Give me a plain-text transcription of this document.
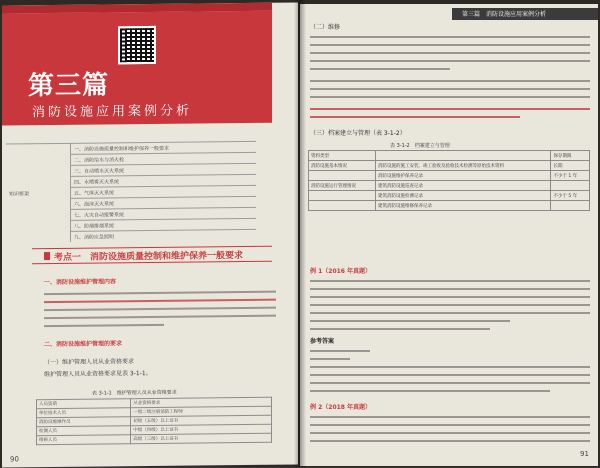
第三篇
消防设施应用案例分析
知识框架	一、消防设施质量控制和维护保养一般要求
二、消防给水与消火栓
三、自动喷水灭火系统
四、水喷雾灭火系统
五、气体灭火系统
六、泡沫灭火系统
七、火灾自动报警系统
八、防烟排烟系统
九、消防应急照明
考点一　消防设施质量控制和维护保养一般要求
一、消防设施维护管理内容
二、消防设施维护管理的要求
（一）维护管理人员从业资格要求
维护管理人员从业资格要求见表 3-1-1。
表 3-1-1　维护管理人员从业资格要求
人员资质	从业资格要求
单位技术人员	一级二级注册消防工程师
消防设施操作员	初级（五级）以上证书
检测人员	中级（四级）以上证书
维修人员	高级（三级）以上证书
90
第三篇　消防设施应用案例分析
（二）维修
（三）档案建立与管理（表 3-1-2）
表 3-1-2　档案建立与管理
资料类型		保存期限
消防设施基本情况	消防设施的施工安装、竣工验收及验收技术检测等原始技术资料	长期
	消防设施维护保养记录	不少于 1 年
消防设施运行管理情况	建筑消防设施巡查记录	
	建筑消防设施检测记录	不少于 5 年
	建筑消防设施维修保养记录	
例 1（2016 年真题）
参考答案
例 2（2018 年真题）
91
